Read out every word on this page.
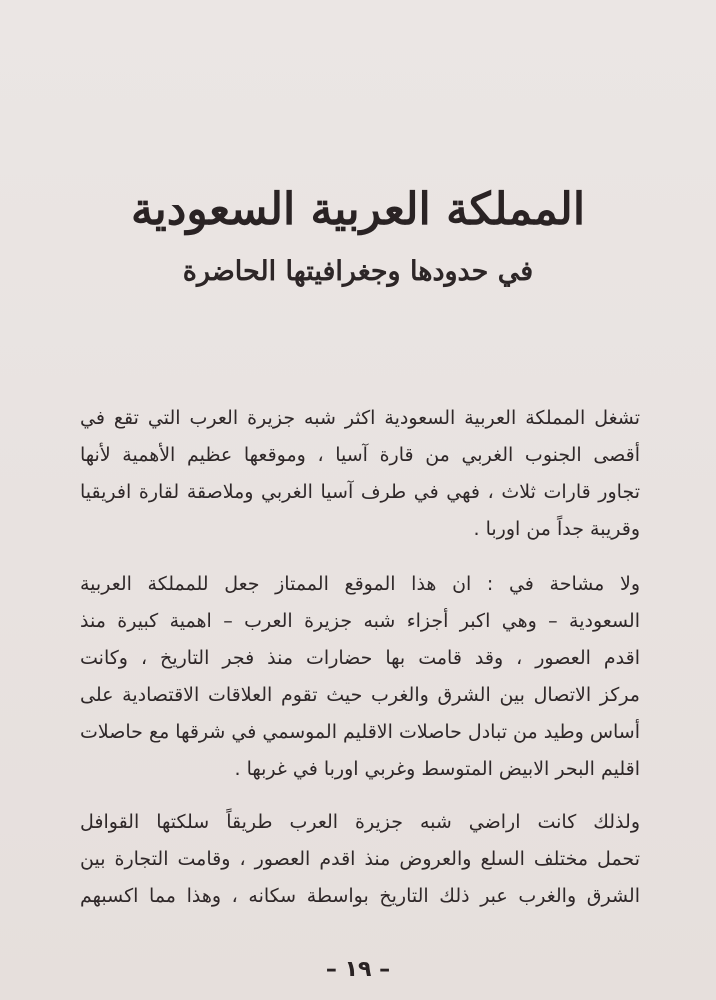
المملكة العربية السعودية
في حدودها وجغرافيتها الحاضرة
تشغل المملكة العربية السعودية اكثر شبه جزيرة العرب التي تقع في
أقصى الجنوب الغربي من قارة آسيا ، وموقعها عظيم الأهمية لأنها
تجاور قارات ثلاث ، فهي في طرف آسيا الغربي وملاصقة لقارة افريقيا
وقريبة جداً من اوربا .
ولا مشاحة في : ان هذا الموقع الممتاز جعل للمملكة العربية
السعودية – وهي اكبر أجزاء شبه جزيرة العرب – اهمية كبيرة منذ
اقدم العصور ، وقد قامت بها حضارات منذ فجر التاريخ ، وكانت
مركز الاتصال بين الشرق والغرب حيث تقوم العلاقات الاقتصادية على
أساس وطيد من تبادل حاصلات الاقليم الموسمي في شرقها مع حاصلات
اقليم البحر الابيض المتوسط وغربي اوربا في غربها .
ولذلك كانت اراضي شبه جزيرة العرب طريقاً سلكتها القوافل
تحمل مختلف السلع والعروض منذ اقدم العصور ، وقامت التجارة بين
الشرق والغرب عبر ذلك التاريخ بواسطة سكانه ، وهذا مما اكسبهم
– ١٩ –
